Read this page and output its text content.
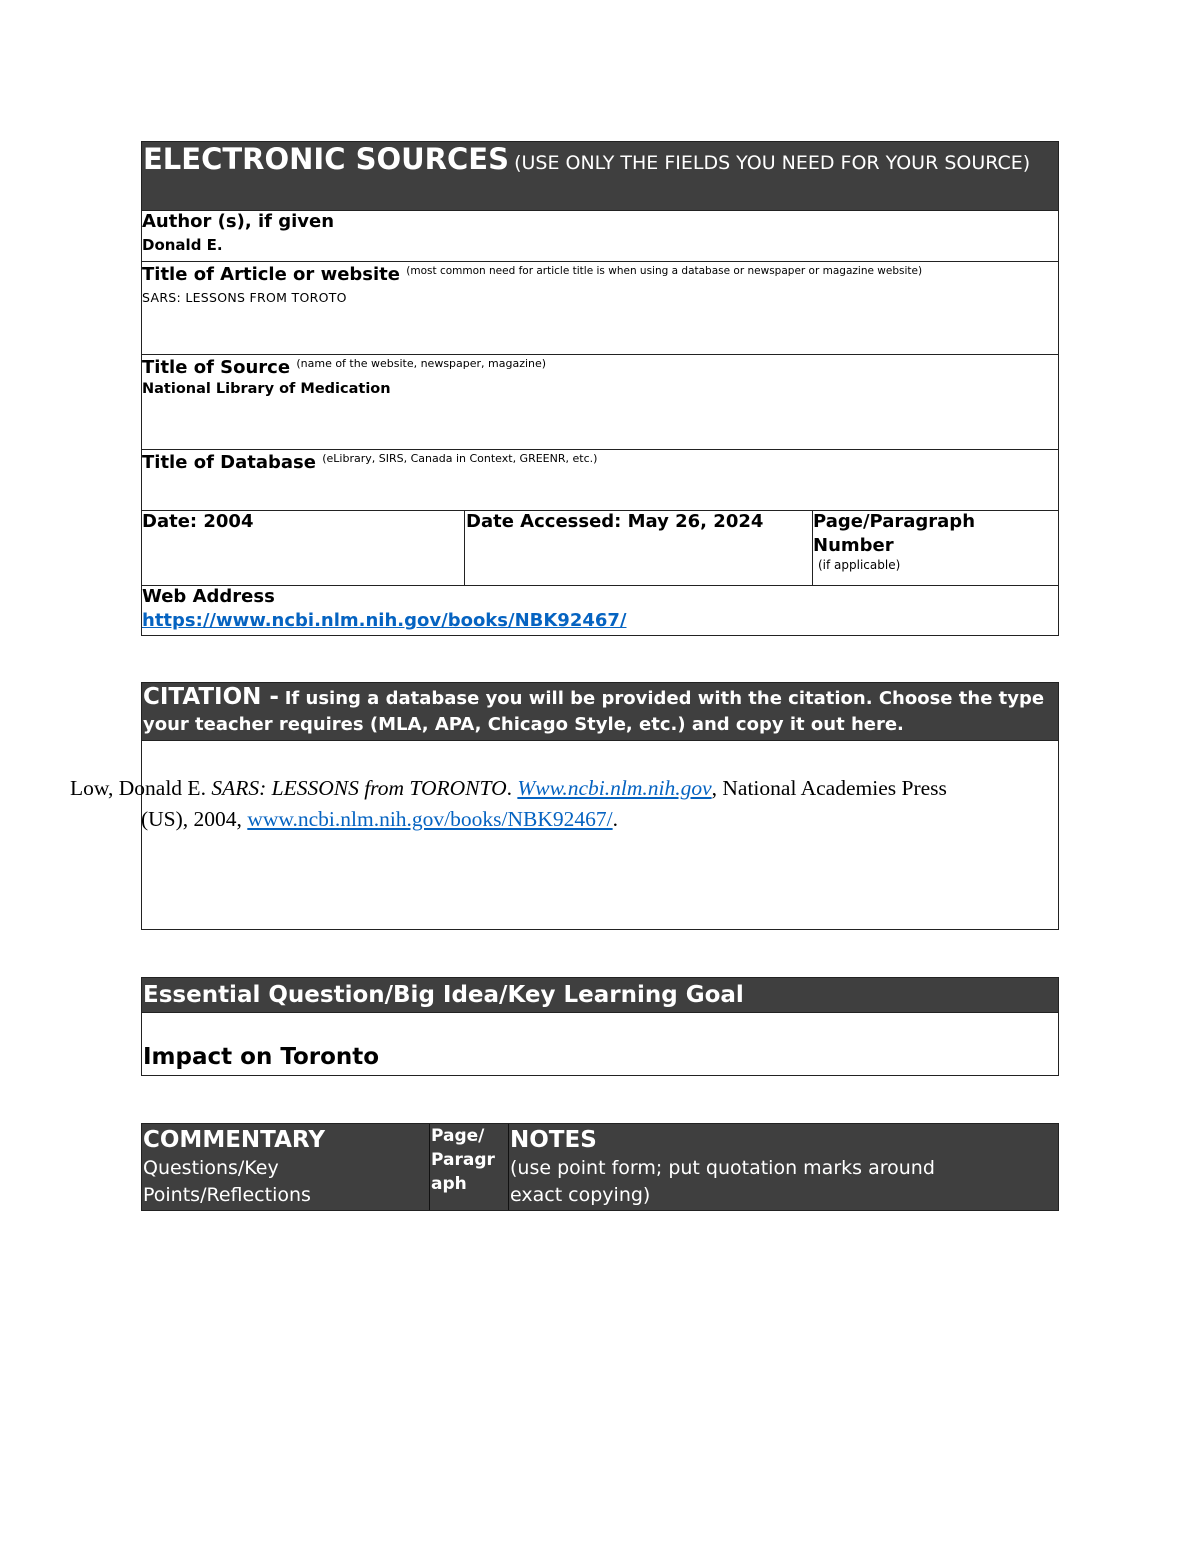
ELECTRONIC SOURCES (USE ONLY THE FIELDS YOU NEED FOR YOUR SOURCE)
Author (s), if given
Donald E.
Title of Article or website $^{(most common need for article title is when using a database or newspaper or magazine website)}$
SARS: LESSONS FROM TOROTO
Title of Source $^{(name of the website, newspaper, magazine)}$
National Library of Medication
Title of Database $^{(eLibrary, SIRS, Canada in Context, GREENR, etc.)}$
Date: 2004	Date Accessed: May 26, 2024	Page/Paragraph
Number
(if applicable)
Web Address
https://www.ncbi.nlm.nih.gov/books/NBK92467/
CITATION - If using a database you will be provided with the citation. Choose the type
your teacher requires (MLA, APA, Chicago Style, etc.) and copy it out here.
Low, Donald E. SARS: LESSONS from TORONTO. Www.ncbi.nlm.nih.gov, National Academies Press
(US), 2004, www.ncbi.nlm.nih.gov/books/NBK92467/.
Essential Question/Big Idea/Key Learning Goal
Impact on Toronto
COMMENTARY
Questions/Key
Points/Reflections
Page/
Paragr
aph
NOTES
(use point form; put quotation marks around
exact copying)
